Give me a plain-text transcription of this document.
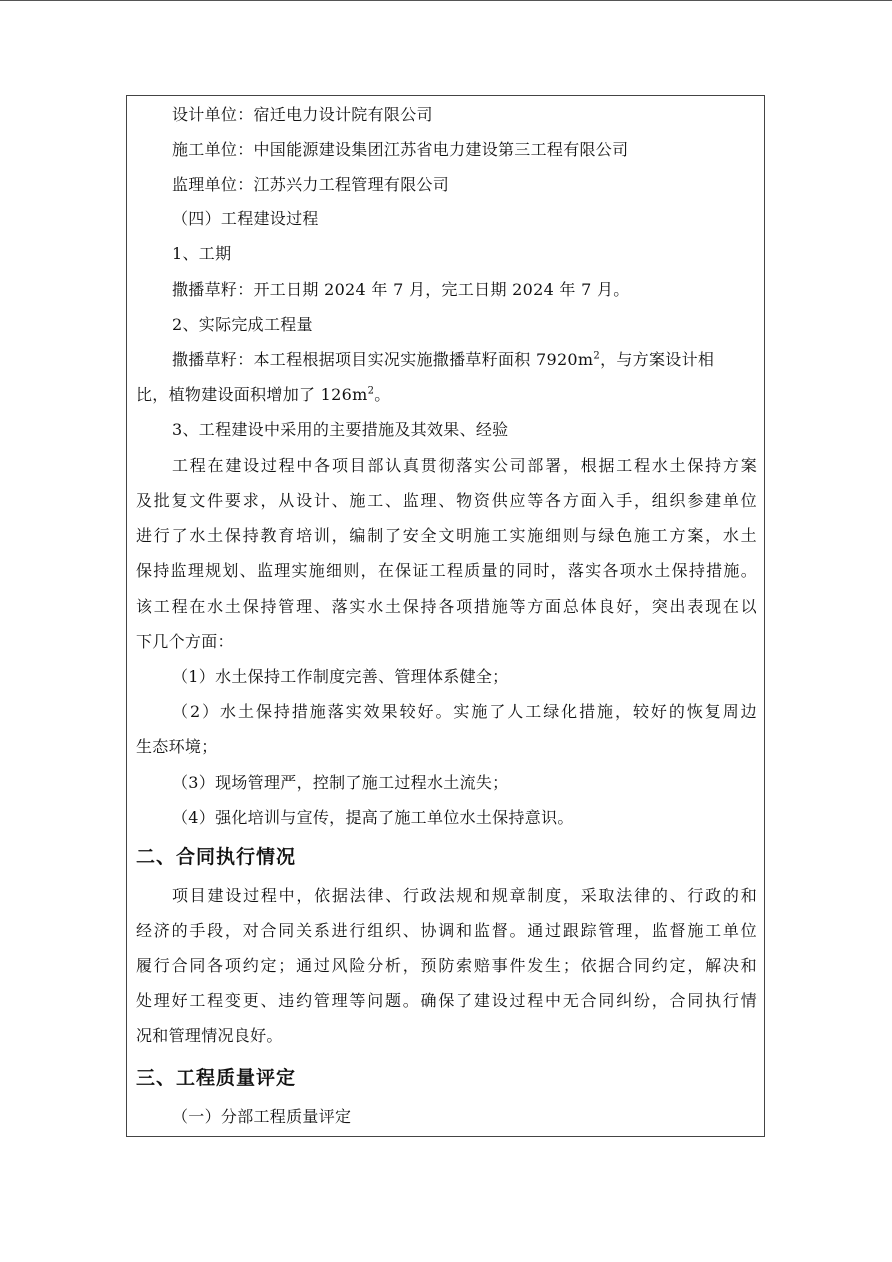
设计单位：宿迁电力设计院有限公司
施工单位：中国能源建设集团江苏省电力建设第三工程有限公司
监理单位：江苏兴力工程管理有限公司
（四）工程建设过程
1、工期
撒播草籽：开工日期 2024 年 7 月，完工日期 2024 年 7 月。
2、实际完成工程量
撒播草籽：本工程根据项目实况实施撒播草籽面积 $7920m^2$，与方案设计相
比，植物建设面积增加了 $126m^2$。
3、工程建设中采用的主要措施及其效果、经验
工程在建设过程中各项目部认真贯彻落实公司部署，根据工程水土保持方案
及批复文件要求，从设计、施工、监理、物资供应等各方面入手，组织参建单位
进行了水土保持教育培训，编制了安全文明施工实施细则与绿色施工方案，水土
保持监理规划、监理实施细则，在保证工程质量的同时，落实各项水土保持措施。
该工程在水土保持管理、落实水土保持各项措施等方面总体良好，突出表现在以
下几个方面：
（1）水土保持工作制度完善、管理体系健全；
（2）水土保持措施落实效果较好。实施了人工绿化措施，较好的恢复周边
生态环境；
（3）现场管理严，控制了施工过程水土流失；
（4）强化培训与宣传，提高了施工单位水土保持意识。
二、合同执行情况
项目建设过程中，依据法律、行政法规和规章制度，采取法律的、行政的和
经济的手段，对合同关系进行组织、协调和监督。通过跟踪管理，监督施工单位
履行合同各项约定；通过风险分析，预防索赔事件发生；依据合同约定，解决和
处理好工程变更、违约管理等问题。确保了建设过程中无合同纠纷，合同执行情
况和管理情况良好。
三、工程质量评定
（一）分部工程质量评定
